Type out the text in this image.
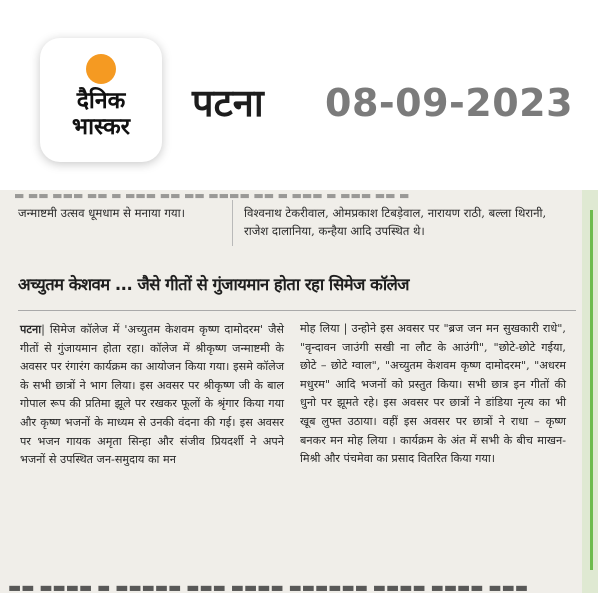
दैनिक
भास्कर
पटना 08-09-2023
▬ ▬▬ ▬▬▬ ▬▬ ▬ ▬▬▬ ▬▬ ▬▬ ▬▬▬▬ ▬▬ ▬ ▬▬▬ ▬ ▬▬▬ ▬▬ ▬
जन्माष्टमी उत्सव धूमधाम से मनाया गया।	विश्वनाथ टेकरीवाल, ओमप्रकाश टिबड़ेवाल, नारायण राठी, बल्ला थिरानी, राजेश दालानिया, कन्हैया आदि उपस्थित थे।
अच्युतम केशवम ... जैसे गीतों से गुंजायमान होता रहा सिमेज कॉलेज
पटना| सिमेज कॉलेज में 'अच्युतम केशवम कृष्ण दामोदरम' जैसे गीतों से गुंजायमान होता रहा। कॉलेज में श्रीकृष्ण जन्माष्टमी के अवसर पर रंगारंग कार्यक्रम का आयोजन किया गया। इसमे कॉलेज के सभी छात्रों ने भाग लिया। इस अवसर पर श्रीकृष्ण जी के बाल गोपाल रूप की प्रतिमा झूले पर रखकर फूलों के श्रृंगार किया गया और कृष्ण भजनों के माध्यम से उनकी वंदना की गई। इस अवसर पर भजन गायक अमृता सिन्हा और संजीव प्रियदर्शी ने अपने भजनों से उपस्थित जन-समुदाय का मन
मोह लिया | उन्होने इस अवसर पर "ब्रज जन मन सुखकारी राधे", "वृन्दावन जाउंगी सखी ना लौट के आउंगी", "छोटे-छोटे गईया, छोटे – छोटे ग्वाल", "अच्युतम केशवम कृष्ण दामोदरम", "अधरम मधुरम" आदि भजनों को प्रस्तुत किया। सभी छात्र इन गीतों की धुनो पर झूमते रहे। इस अवसर पर छात्रों ने डांडिया नृत्य का भी खूब लुफ्त उठाया। वहीं इस अवसर पर छात्रों ने राधा – कृष्ण बनकर मन मोह लिया । कार्यक्रम के अंत में सभी के बीच माखन-मिश्री और पंचमेवा का प्रसाद वितरित किया गया।
▬▬ ▬▬▬▬ ▬ ▬▬▬▬▬ ▬▬▬ ▬▬▬▬ ▬▬▬▬▬▬ ▬▬▬▬ ▬▬▬▬ ▬▬▬
